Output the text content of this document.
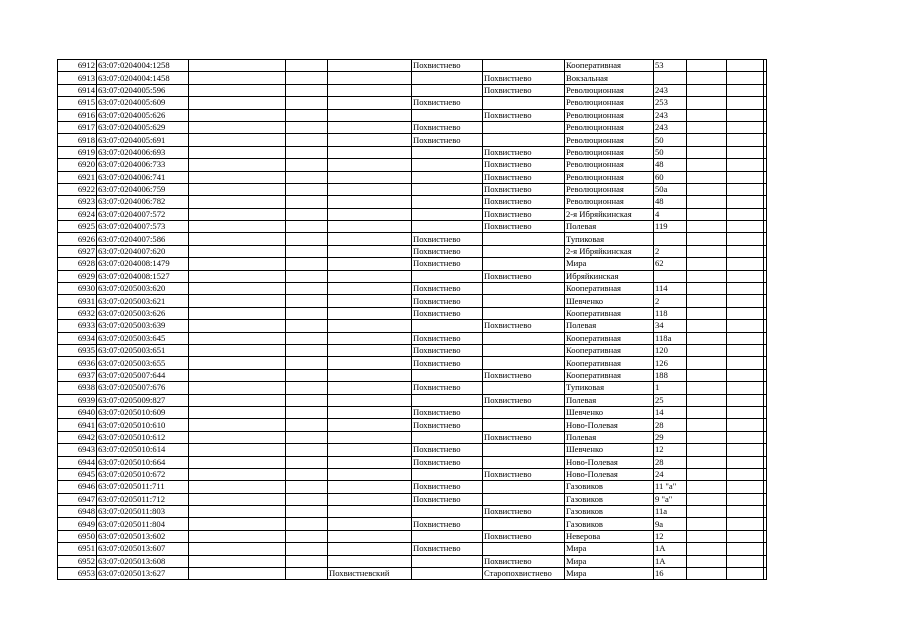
6912	63:07:0204004:1258				Похвистнево		Кооперативная	53			
6913	63:07:0204004:1458					Похвистнево	Вокзальная				
6914	63:07:0204005:596					Похвистнево	Революционная	243			
6915	63:07:0204005:609				Похвистнево		Революционная	253			
6916	63:07:0204005:626					Похвистнево	Революционная	243			
6917	63:07:0204005:629				Похвистнево		Революционная	243			
6918	63:07:0204005:691				Похвистнево		Революционная	50			
6919	63:07:0204006:693					Похвистнево	Революционная	50			
6920	63:07:0204006:733					Похвистнево	Революционная	48			
6921	63:07:0204006:741					Похвистнево	Революционная	60			
6922	63:07:0204006:759					Похвистнево	Революционная	50а			
6923	63:07:0204006:782					Похвистнево	Революционная	48			
6924	63:07:0204007:572					Похвистнево	2-я Ибряйкинская	4			
6925	63:07:0204007:573					Похвистнево	Полевая	119			
6926	63:07:0204007:586				Похвистнево		Тупиковая				
6927	63:07:0204007:620				Похвистнево		2-я Ибряйкинская	2			
6928	63:07:0204008:1479				Похвистнево		Мира	62			
6929	63:07:0204008:1527					Похвистнево	Ибряйкинская				
6930	63:07:0205003:620				Похвистнево		Кооперативная	114			
6931	63:07:0205003:621				Похвистнево		Шевченко	2			
6932	63:07:0205003:626				Похвистнево		Кооперативная	118			
6933	63:07:0205003:639					Похвистнево	Полевая	34			
6934	63:07:0205003:645				Похвистнево		Кооперативная	118а			
6935	63:07:0205003:651				Похвистнево		Кооперативная	120			
6936	63:07:0205003:655				Похвистнево		Кооперативная	126			
6937	63:07:0205007:644					Похвистнево	Кооперативная	188			
6938	63:07:0205007:676				Похвистнево		Тупиковая	1			
6939	63:07:0205009:827					Похвистнево	Полевая	25			
6940	63:07:0205010:609				Похвистнево		Шевченко	14			
6941	63:07:0205010:610				Похвистнево		Ново-Полевая	28			
6942	63:07:0205010:612					Похвистнево	Полевая	29			
6943	63:07:0205010:614				Похвистнево		Шевченко	12			
6944	63:07:0205010:664				Похвистнево		Ново-Полевая	28			
6945	63:07:0205010:672					Похвистнево	Ново-Полевая	24			
6946	63:07:0205011:711				Похвистнево		Газовиков	11 "а"			
6947	63:07:0205011:712				Похвистнево		Газовиков	9 "а"			
6948	63:07:0205011:803					Похвистнево	Газовиков	11а			
6949	63:07:0205011:804				Похвистнево		Газовиков	9а			
6950	63:07:0205013:602					Похвистнево	Неверова	12			
6951	63:07:0205013:607				Похвистнево		Мира	1А			
6952	63:07:0205013:608					Похвистнево	Мира	1А			
6953	63:07:0205013:627			Похвистневский		Старопохвистнево	Мира	16			
